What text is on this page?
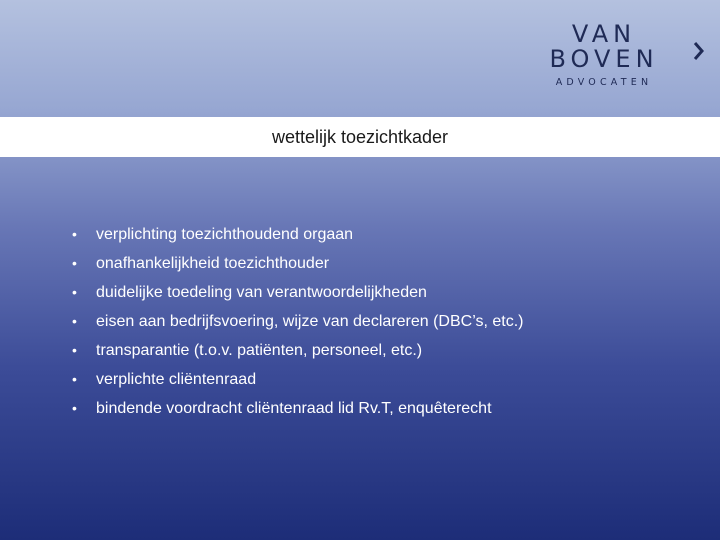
VAN
BOVEN
ADVOCATEN
wettelijk toezichtkader
•	verplichting toezichthoudend orgaan
•	onafhankelijkheid toezichthouder
•	duidelijke toedeling van verantwoordelijkheden
•	eisen aan bedrijfsvoering, wijze van declareren (DBC’s, etc.)
•	transparantie (t.o.v. patiënten, personeel, etc.)
•	verplichte cliëntenraad
•	bindende voordracht cliëntenraad lid Rv.T, enquêterecht
